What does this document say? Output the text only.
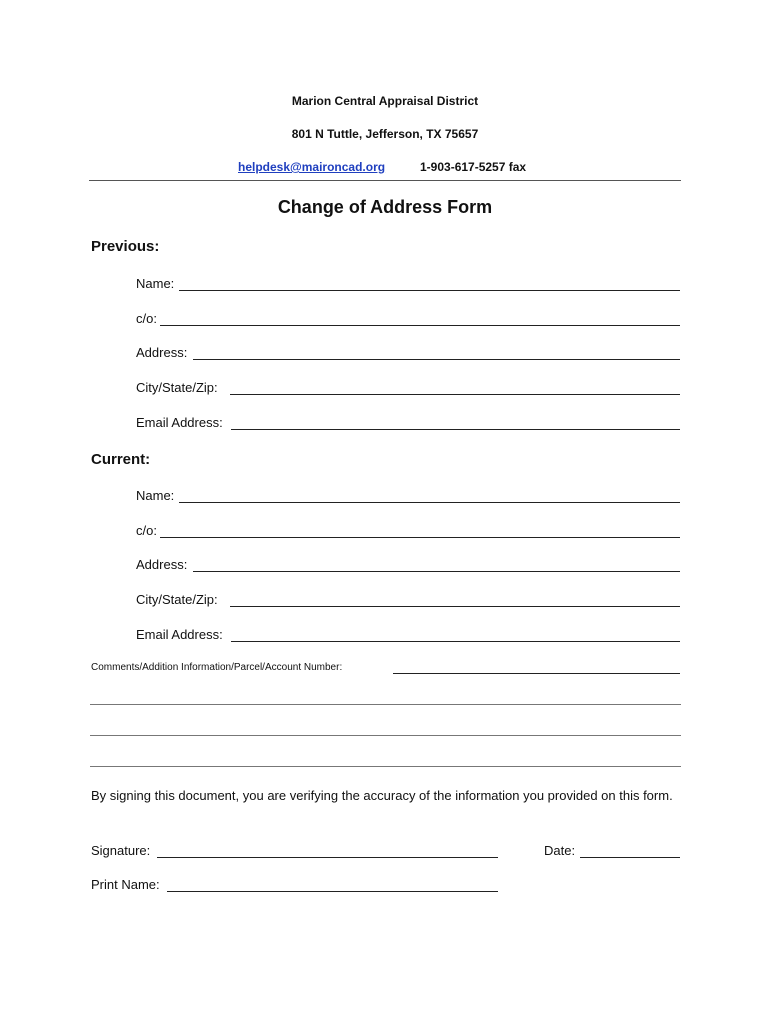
Marion Central Appraisal District
801 N Tuttle, Jefferson, TX 75657
helpdesk@maironcad.org	1-903-617-5257 fax
Change of Address Form
Previous:
Name:
c/o:
Address:
City/State/Zip:
Email Address:
Current:
Name:
c/o:
Address:
City/State/Zip:
Email Address:
Comments/Addition Information/Parcel/Account Number:
By signing this document, you are verifying the accuracy of the information you provided on this form.
Signature:	Date:
Print Name:
